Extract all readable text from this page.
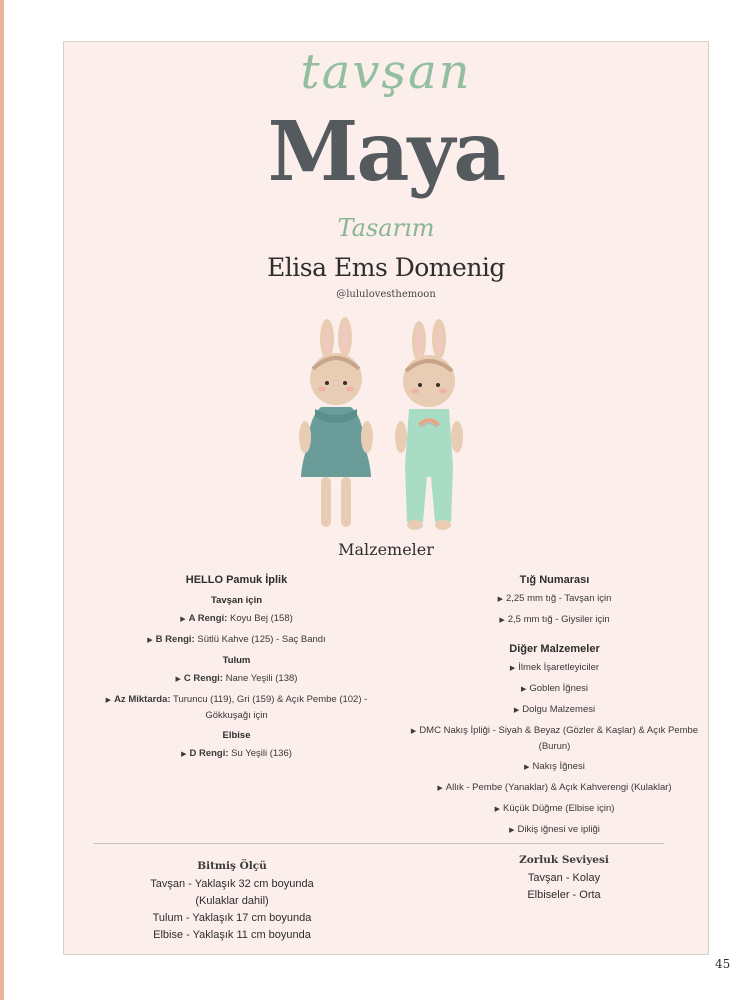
tavşan
Maya
Tasarım
Elisa Ems Domenig
@lulu​lovesthemoon
Malzemeler
HELLO Pamuk İplik
Tavşan için
▶ A Rengi: Koyu Bej (158)
▶ B Rengi: Sütlü Kahve (125) - Saç Bandı
Tulum
▶ C Rengi: Nane Yeşili (138)
▶ Az Miktarda: Turuncu (119), Gri (159) & Açık Pembe (102) - Gökkuşağı için
Elbise
▶ D Rengi: Su Yeşili (136)
Tığ Numarası
▶ 2,25 mm tığ - Tavşan için
▶ 2,5 mm tığ - Giysiler için
Diğer Malzemeler
▶ İlmek İşaretleyiciler
▶ Goblen İğnesi
▶ Dolgu Malzemesi
▶ DMC Nakış İpliği - Siyah & Beyaz (Gözler & Kaşlar) & Açık Pembe (Burun)
▶ Nakış İğnesi
▶ Allık - Pembe (Yanaklar) & Açık Kahverengi (Kulaklar)
▶ Küçük Düğme (Elbise için)
▶ Dikiş iğnesi ve ipliği
Bitmiş Ölçü
Tavşan - Yaklaşık 32 cm boyunda
(Kulaklar dahil)
Tulum - Yaklaşık 17 cm boyunda
Elbise - Yaklaşık 11 cm boyunda
Zorluk Seviyesi
Tavşan - Kolay
Elbiseler - Orta
45
